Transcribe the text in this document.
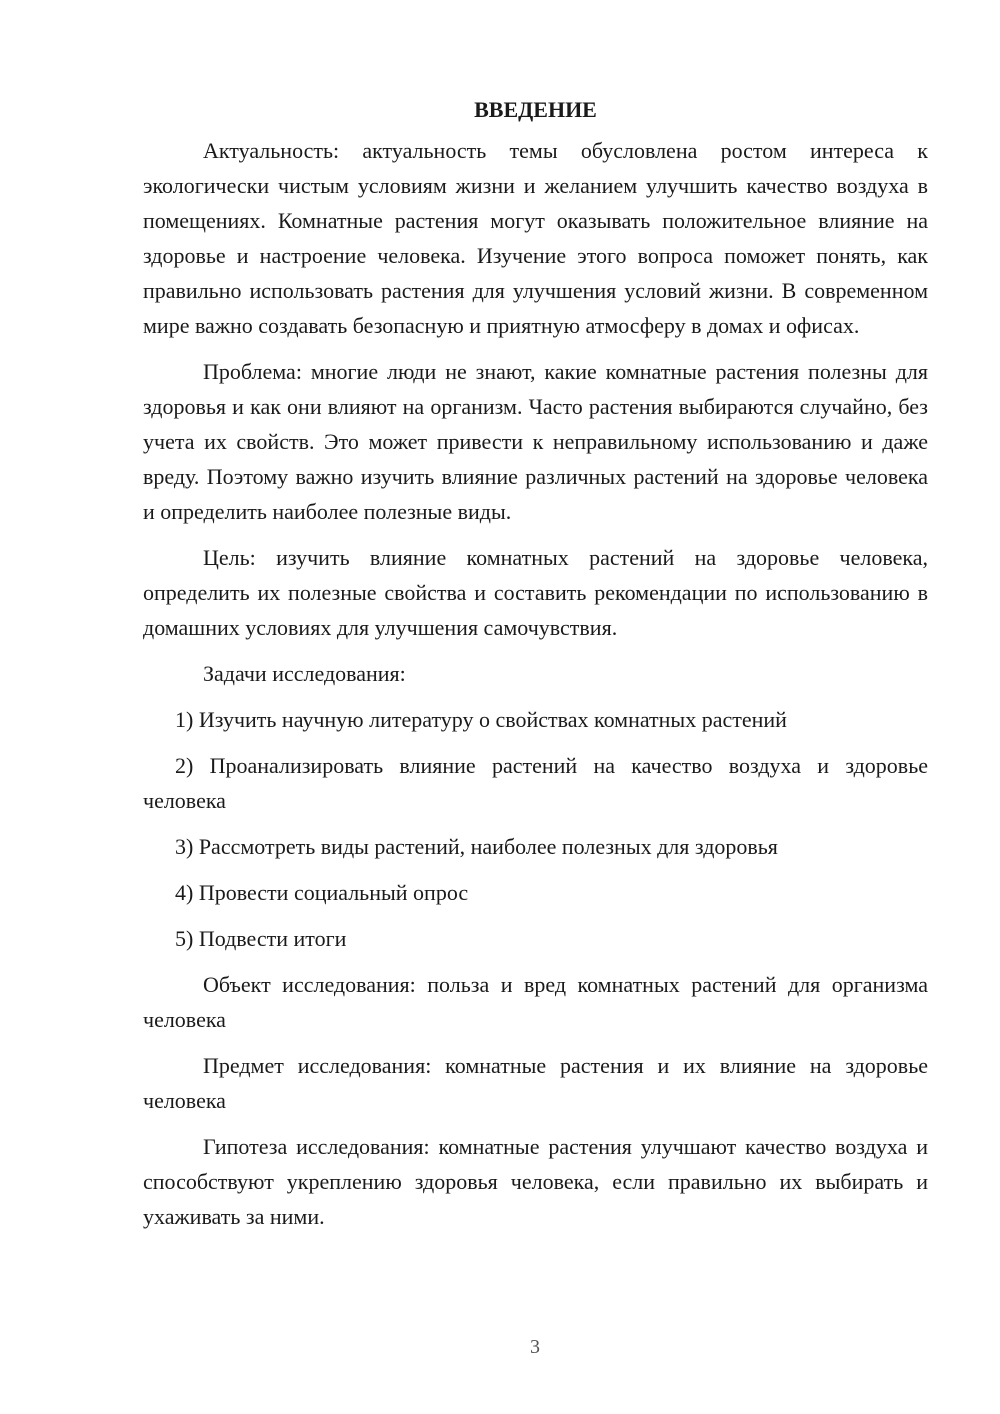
ВВЕДЕНИЕ

Актуальность: актуальность темы обусловлена ростом интереса к экологически чистым условиям жизни и желанием улучшить качество воздуха в помещениях. Комнатные растения могут оказывать положительное влияние на здоровье и настроение человека. Изучение этого вопроса поможет понять, как правильно использовать растения для улучшения условий жизни. В современном мире важно создавать безопасную и приятную атмосферу в домах и офисах.

Проблема: многие люди не знают, какие комнатные растения полезны для здоровья и как они влияют на организм. Часто растения выбираются случайно, без учета их свойств. Это может привести к неправильному использованию и даже вреду. Поэтому важно изучить влияние различных растений на здоровье человека и определить наиболее полезные виды.

Цель: изучить влияние комнатных растений на здоровье человека, определить их полезные свойства и составить рекомендации по использованию в домашних условиях для улучшения самочувствия.

Задачи исследования:

1) Изучить научную литературу о свойствах комнатных растений

2) Проанализировать влияние растений на качество воздуха и здоровье человека

3) Рассмотреть виды растений, наиболее полезных для здоровья

4) Провести социальный опрос

5) Подвести итоги

Объект исследования: польза и вред комнатных растений для организма человека

Предмет исследования: комнатные растения и их влияние на здоровье человека

Гипотеза исследования: комнатные растения улучшают качество воздуха и способствуют укреплению здоровья человека, если правильно их выбирать и ухаживать за ними.

3
